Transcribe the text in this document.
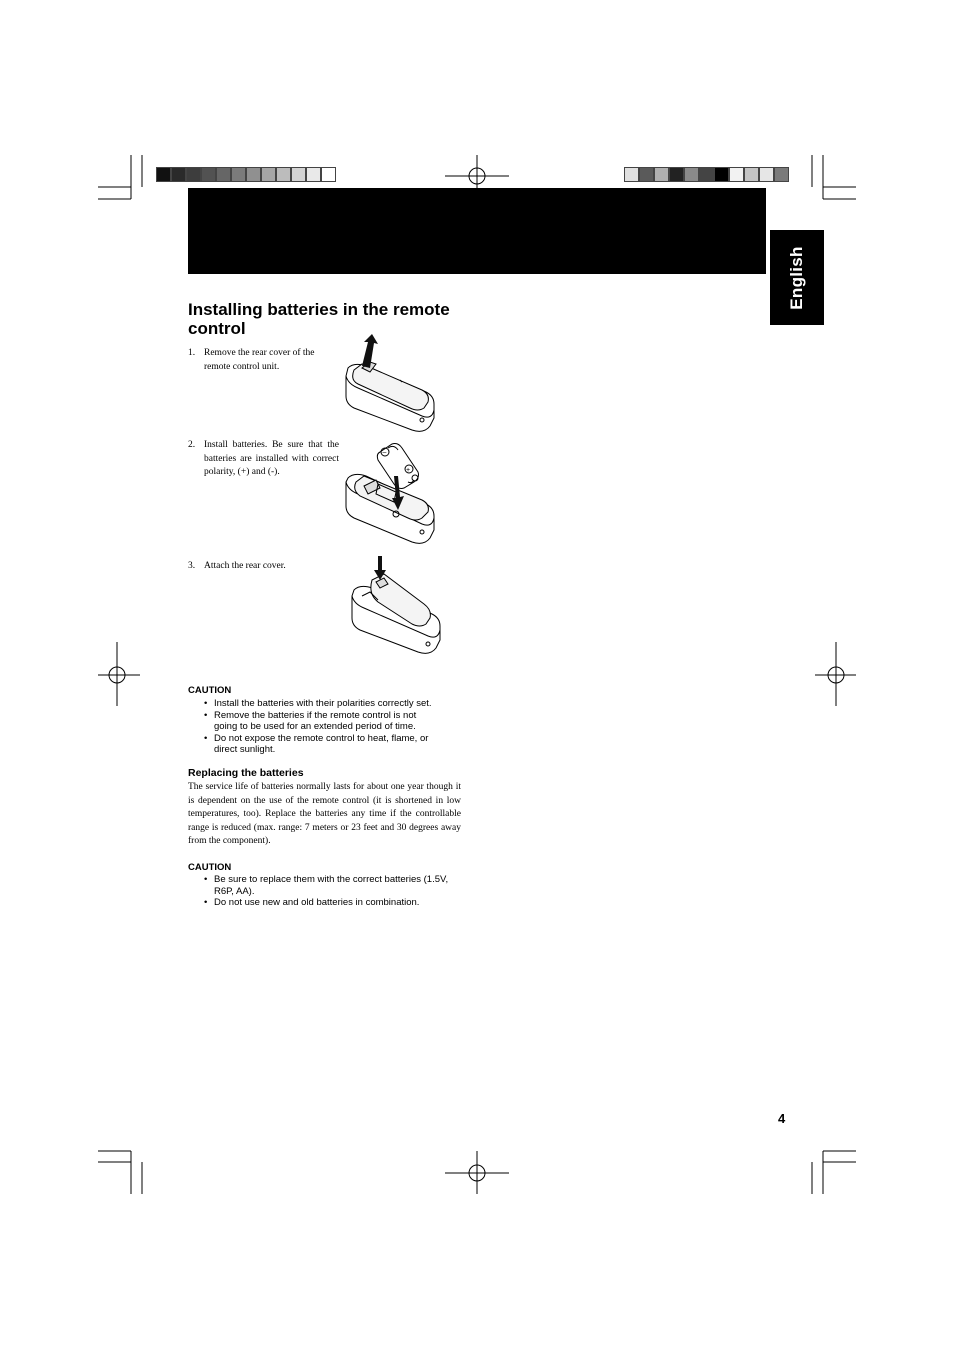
English
Installing batteries in the remote control
1. Remove the rear cover of the remote control unit.
2. Install batteries. Be sure that the batteries are installed with correct polarity, (+) and (-).
3. Attach the rear cover.
–
+
CAUTION
• Install the batteries with their polarities correctly set.
• Remove the batteries if the remote control is not going to be used for an extended period of time.
• Do not expose the remote control to heat, flame, or direct sunlight.
Replacing the batteries
The service life of batteries normally lasts for about one year though it is dependent on the use of the remote control (it is shortened in low temperatures, too). Replace the batteries any time if the controllable range is reduced (max. range: 7 meters or 23 feet and 30 degrees away from the component).
CAUTION
• Be sure to replace them with the correct batteries (1.5V, R6P, AA).
• Do not use new and old batteries in combination.
4
